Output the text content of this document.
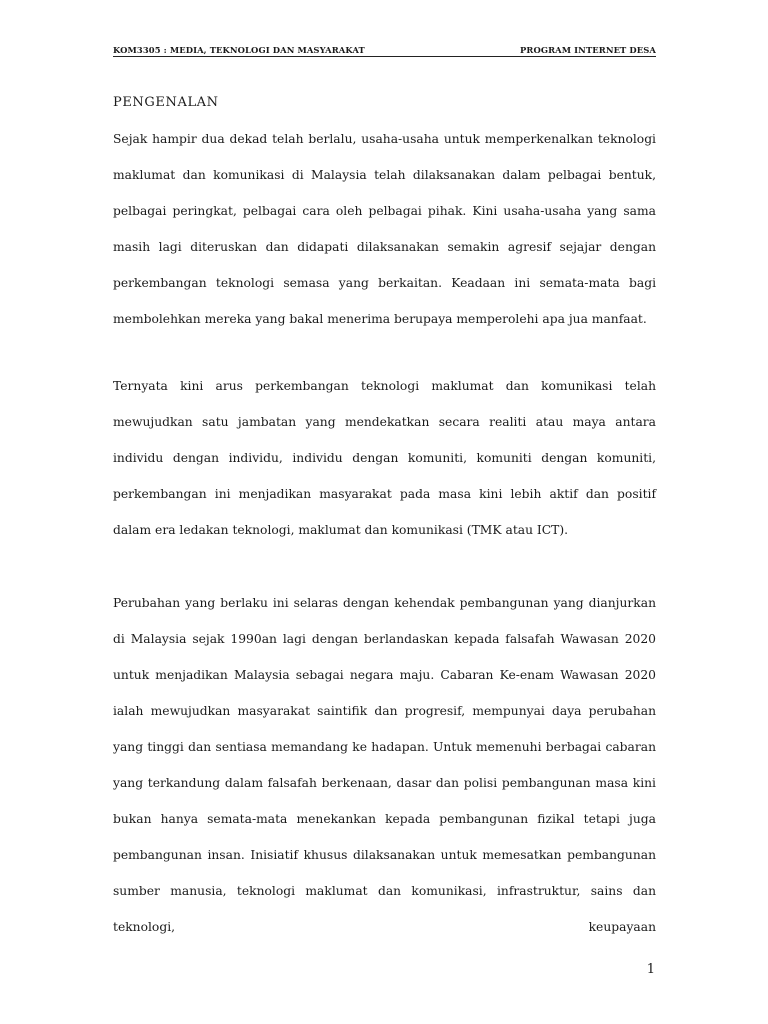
KOM3305 : MEDIA, TEKNOLOGI DAN MASYARAKAT	PROGRAM INTERNET DESA
PENGENALAN

Sejak hampir dua dekad telah berlalu, usaha-usaha untuk memperkenalkan teknologi maklumat dan komunikasi di Malaysia telah dilaksanakan dalam pelbagai bentuk, pelbagai peringkat, pelbagai cara oleh pelbagai pihak. Kini usaha-usaha yang sama masih lagi diteruskan dan didapati dilaksanakan semakin agresif sejajar dengan perkembangan teknologi semasa yang berkaitan. Keadaan ini semata-mata bagi membolehkan mereka yang bakal menerima berupaya memperolehi apa jua manfaat.

Ternyata kini arus perkembangan teknologi maklumat dan komunikasi telah mewujudkan satu jambatan yang mendekatkan secara realiti atau maya antara individu dengan individu, individu dengan komuniti, komuniti dengan komuniti, perkembangan ini menjadikan masyarakat pada masa kini lebih aktif dan positif dalam era ledakan teknologi, maklumat dan komunikasi (TMK atau ICT).

Perubahan yang berlaku ini selaras dengan kehendak pembangunan yang dianjurkan di Malaysia sejak 1990an lagi dengan berlandaskan kepada falsafah Wawasan 2020 untuk menjadikan Malaysia sebagai negara maju. Cabaran Ke-enam Wawasan 2020 ialah mewujudkan masyarakat saintifik dan progresif, mempunyai daya perubahan yang tinggi dan sentiasa memandang ke hadapan. Untuk memenuhi berbagai cabaran yang terkandung dalam falsafah berkenaan, dasar dan polisi pembangunan masa kini bukan hanya semata-mata menekankan kepada pembangunan fizikal tetapi juga pembangunan insan. Inisiatif khusus dilaksanakan untuk memesatkan pembangunan sumber manusia, teknologi maklumat dan komunikasi, infrastruktur, sains dan teknologi, keupayaan

1
